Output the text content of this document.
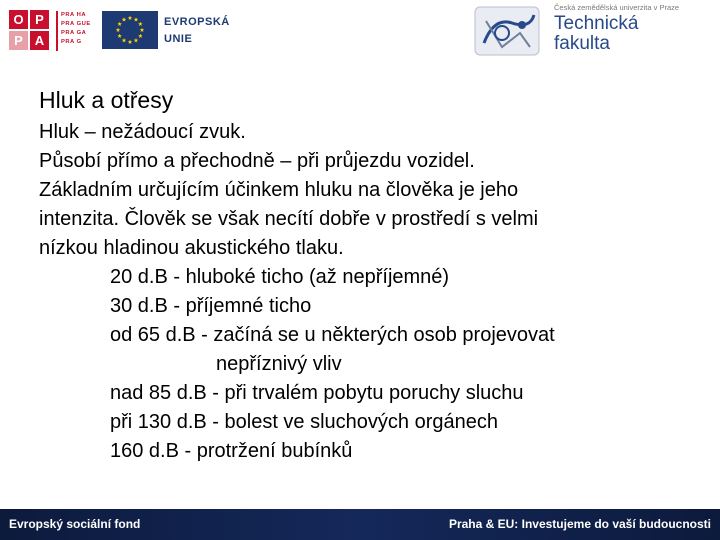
O P
P A
PRA HA
PRA GUE
PRA GA
PRA G
EVROPSKÁ
UNIE
Česká zemědělská univerzita v Praze
Technická
fakulta
Hluk a otřesy
Hluk – nežádoucí zvuk.
Působí přímo a přechodně – při průjezdu vozidel.
Základním určujícím účinkem hluku na člověka je jeho
intenzita. Člověk se však necítí dobře v prostředí s velmi
nízkou hladinou akustického tlaku.
20 d.B - hluboké ticho (až nepříjemné)
30 d.B - příjemné ticho
od 65 d.B - začíná se u některých osob projevovat
nepříznivý vliv
nad 85 d.B - při trvalém pobytu poruchy sluchu
při 130 d.B - bolest ve sluchových orgánech
160 d.B - protržení bubínků
Evropský sociální fond	Praha & EU: Investujeme do vaší budoucnosti
